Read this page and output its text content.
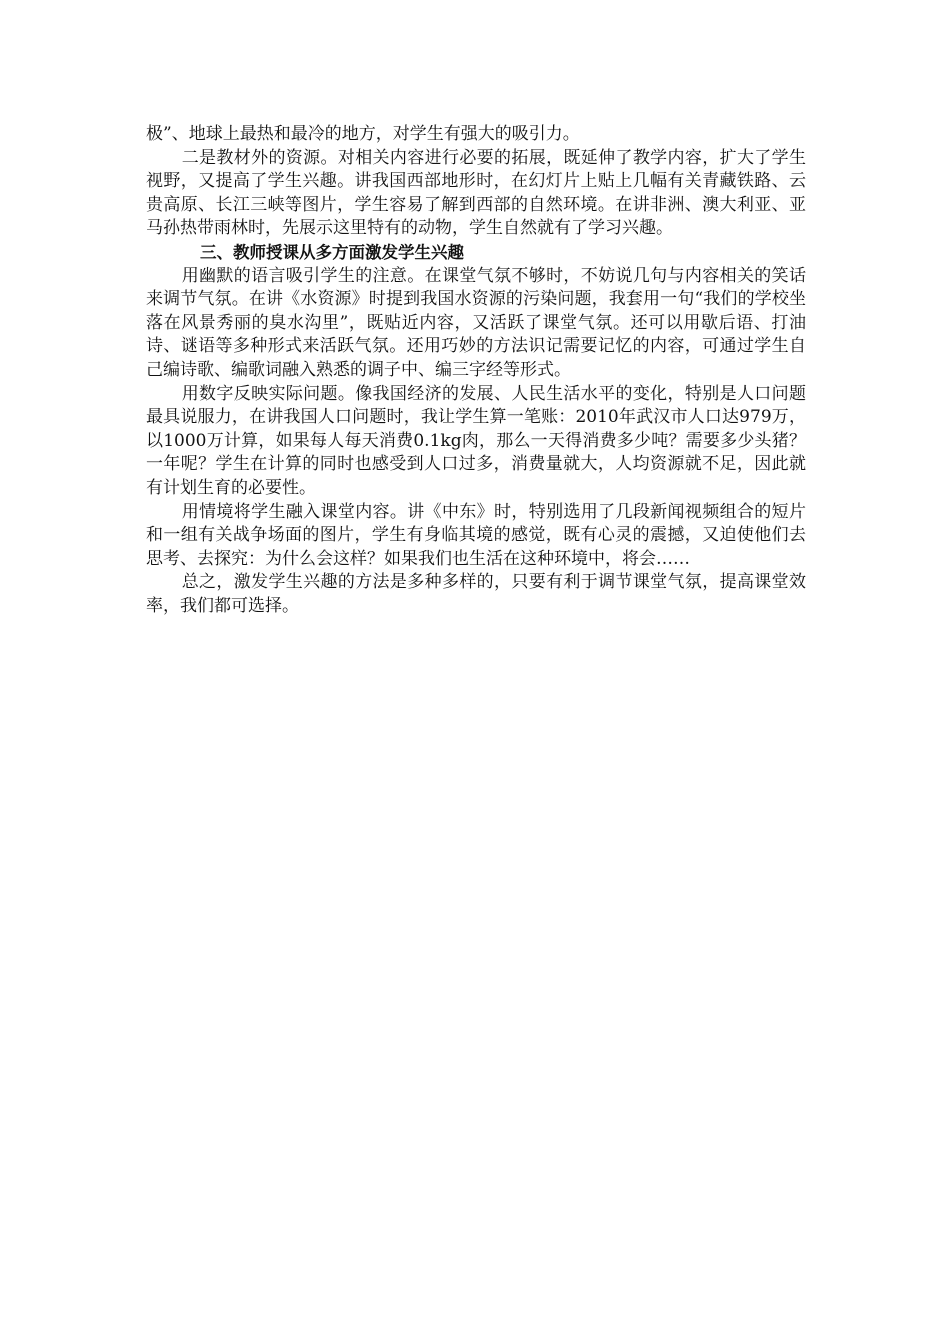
极”、地球上最热和最冷的地方，对学生有强大的吸引力。

二是教材外的资源。对相关内容进行必要的拓展，既延伸了教学内容，扩大了学生视野，又提高了学生兴趣。讲我国西部地形时，在幻灯片上贴上几幅有关青藏铁路、云贵高原、长江三峡等图片，学生容易了解到西部的自然环境。在讲非洲、澳大利亚、亚马孙热带雨林时，先展示这里特有的动物，学生自然就有了学习兴趣。

三、教师授课从多方面激发学生兴趣

用幽默的语言吸引学生的注意。在课堂气氛不够时，不妨说几句与内容相关的笑话来调节气氛。在讲《水资源》时提到我国水资源的污染问题，我套用一句“我们的学校坐落在风景秀丽的臭水沟里”，既贴近内容，又活跃了课堂气氛。还可以用歇后语、打油诗、谜语等多种形式来活跃气氛。还用巧妙的方法识记需要记忆的内容，可通过学生自己编诗歌、编歌词融入熟悉的调子中、编三字经等形式。

用数字反映实际问题。像我国经济的发展、人民生活水平的变化，特别是人口问题最具说服力，在讲我国人口问题时，我让学生算一笔账：2010年武汉市人口达979万，以1000万计算，如果每人每天消费0.1kg肉，那么一天得消费多少吨？需要多少头猪？一年呢？学生在计算的同时也感受到人口过多，消费量就大，人均资源就不足，因此就有计划生育的必要性。

用情境将学生融入课堂内容。讲《中东》时，特别选用了几段新闻视频组合的短片和一组有关战争场面的图片，学生有身临其境的感觉，既有心灵的震撼，又迫使他们去思考、去探究：为什么会这样？如果我们也生活在这种环境中，将会……

总之，激发学生兴趣的方法是多种多样的，只要有利于调节课堂气氛，提高课堂效率，我们都可选择。
